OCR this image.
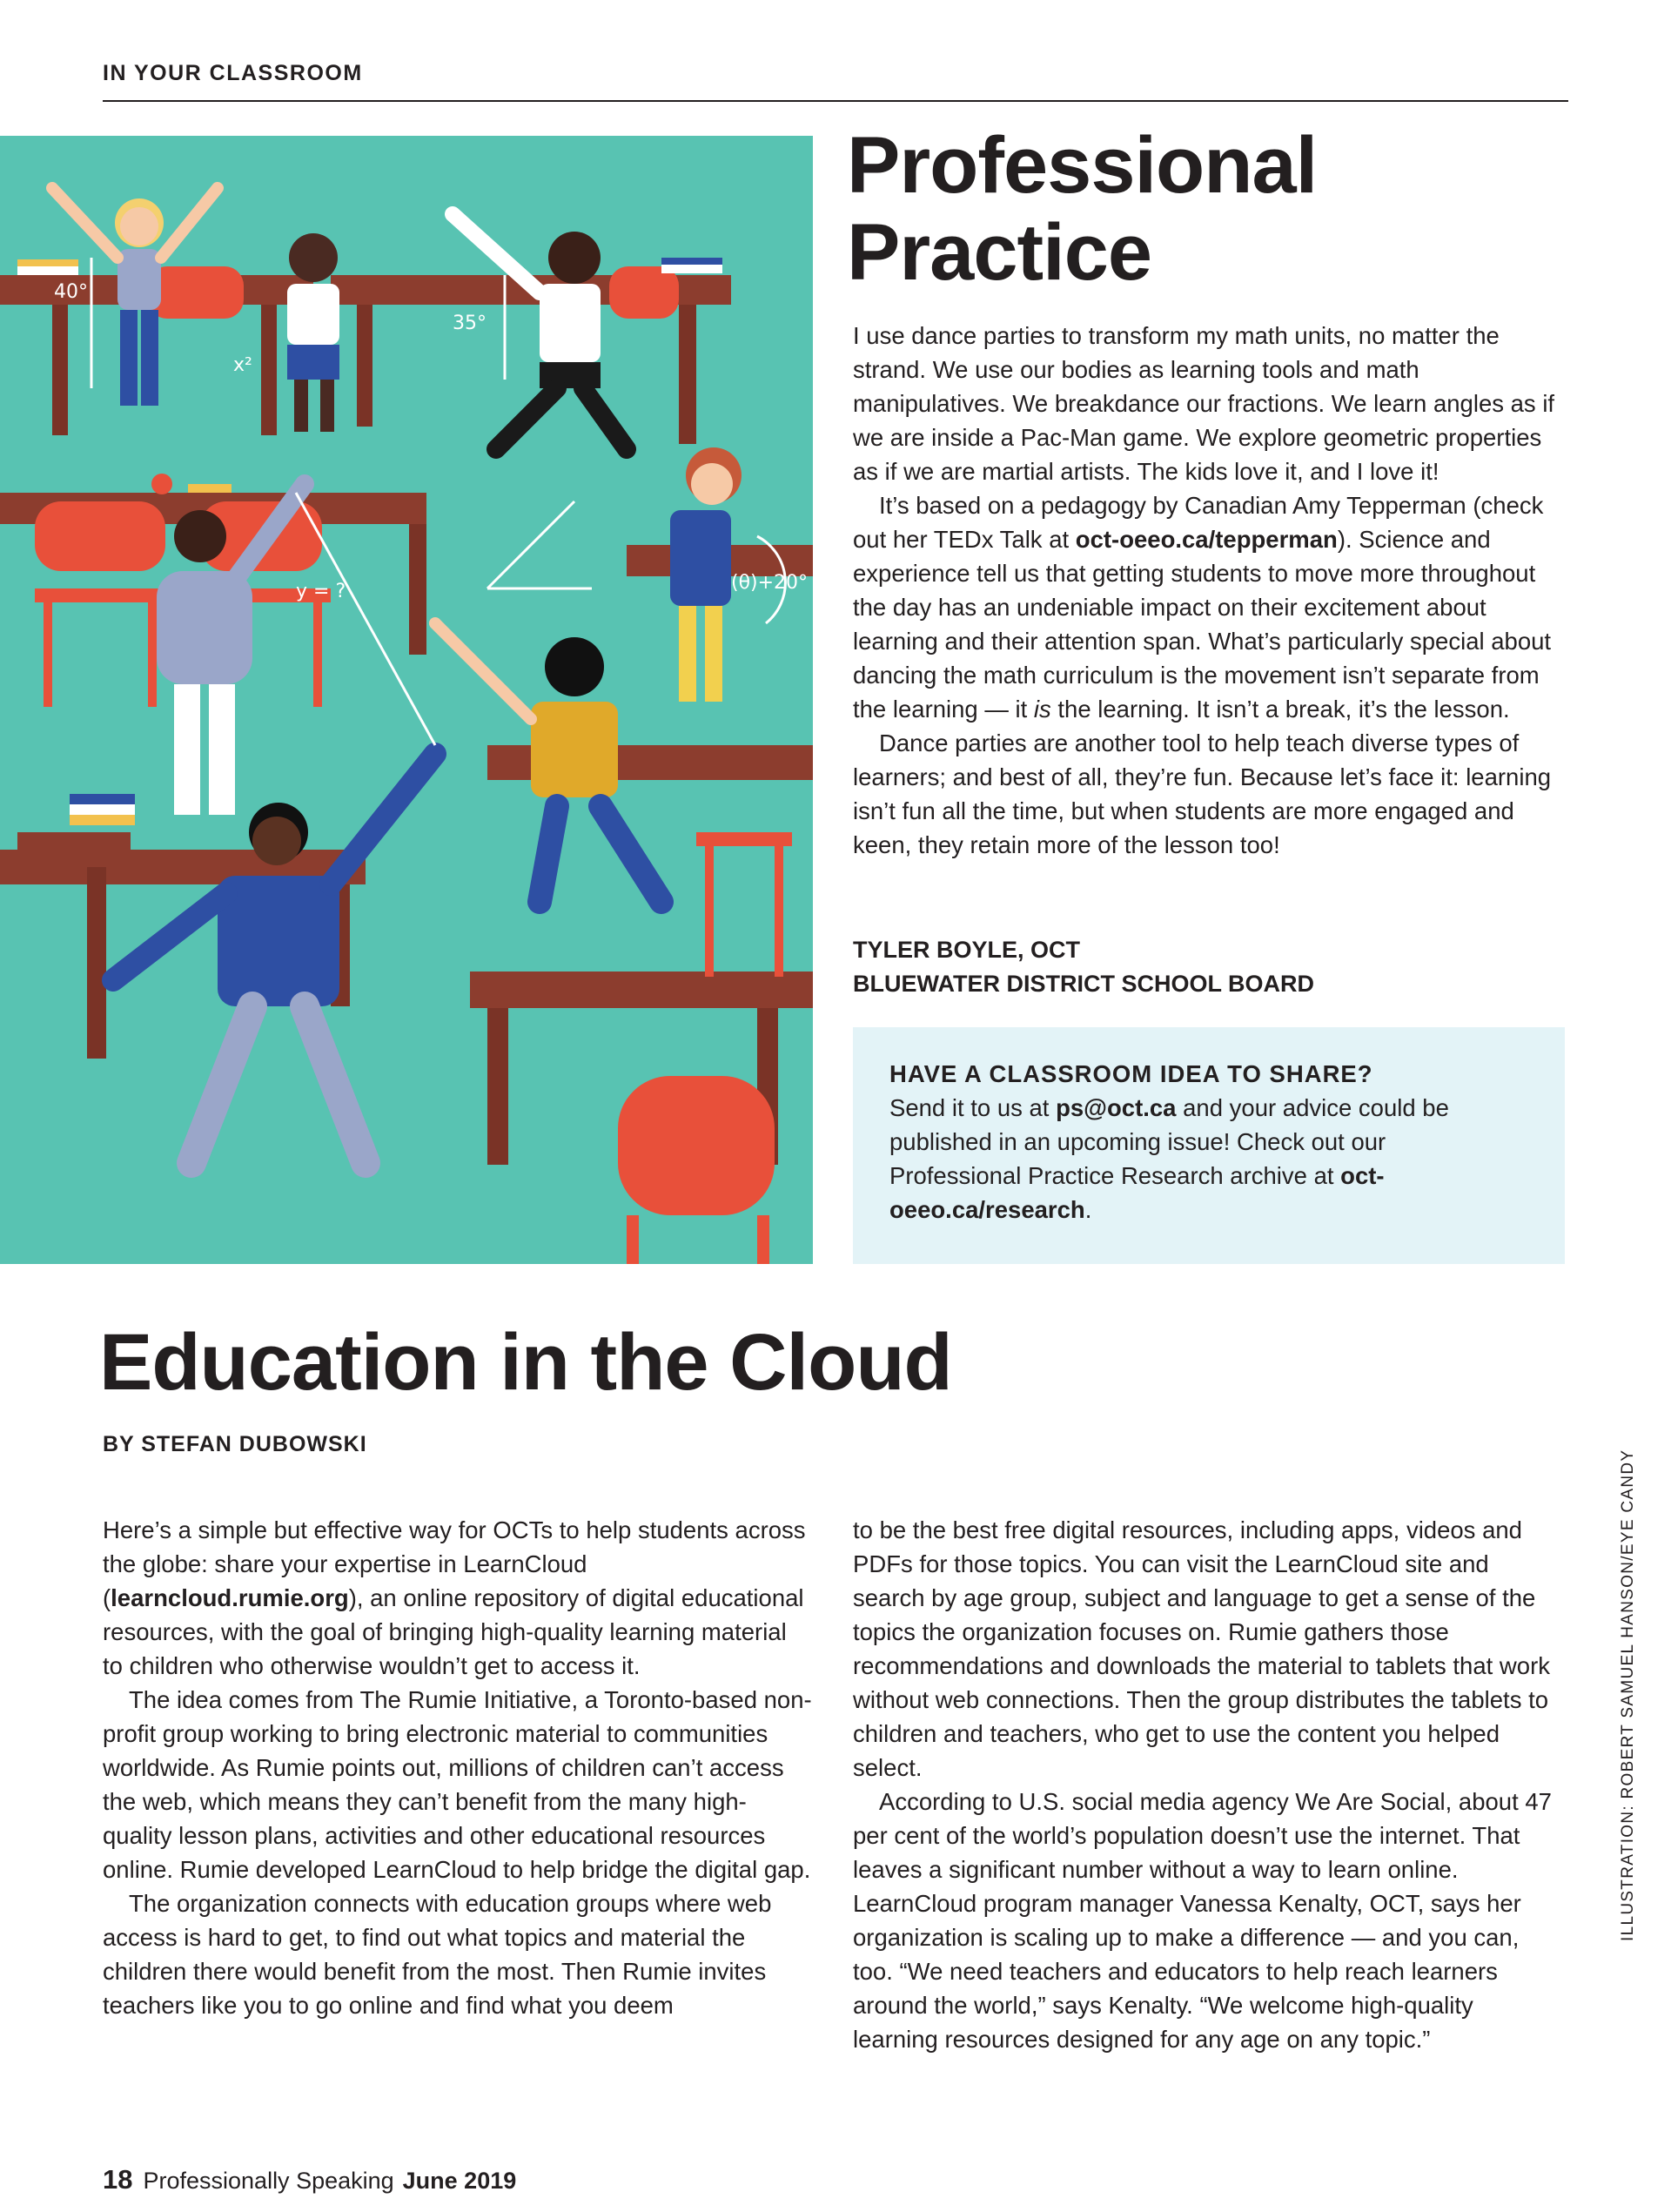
IN YOUR CLASSROOM
40°
35°
x²
y = ?	(θ)+20°
Professional
Practice

I use dance parties to transform my math units, no matter the strand. We use our bodies as learning tools and math manipulatives. We breakdance our fractions. We learn angles as if we are inside a Pac-Man game. We explore geometric properties as if we are martial artists. The kids love it, and I love it!

It’s based on a pedagogy by Canadian Amy Tepperman (check out her TEDx Talk at oct-oeeo.ca/tepperman). Science and experience tell us that getting students to move more throughout the day has an undeniable impact on their excitement about learning and their attention span. What’s particularly special about dancing the math curriculum is the movement isn’t separate from the learning — it is the learning. It isn’t a break, it’s the lesson.

Dance parties are another tool to help teach diverse types of learners; and best of all, they’re fun. Because let’s face it: learning isn’t fun all the time, but when students are more engaged and keen, they retain more of the lesson too!

TYLER BOYLE, OCT
BLUEWATER DISTRICT SCHOOL BOARD
HAVE A CLASSROOM IDEA TO SHARE?

Send it to us at ps@oct.ca and your advice could be published in an upcoming issue! Check out our Professional Practice Research archive at oct-oeeo.ca/research.

Education in the Cloud
BY STEFAN DUBOWSKI

Here’s a simple but effective way for OCTs to help students across the globe: share your expertise in LearnCloud (learncloud.rumie.org), an online repository of digital educational resources, with the goal of bringing high-quality learning material to children who otherwise wouldn’t get to access it.

The idea comes from The Rumie Initiative, a Toronto-based non-profit group working to bring electronic material to communities worldwide. As Rumie points out, millions of children can’t access the web, which means they can’t benefit from the many high-quality lesson plans, activities and other educational resources online. Rumie developed LearnCloud to help bridge the digital gap.

The organization connects with education groups where web access is hard to get, to find out what topics and material the children there would benefit from the most. Then Rumie invites teachers like you to go online and find what you deem

to be the best free digital resources, including apps, videos and PDFs for those topics. You can visit the LearnCloud site and search by age group, subject and language to get a sense of the topics the organization focuses on. Rumie gathers those recommendations and downloads the material to tablets that work without web connections. Then the group distributes the tablets to children and teachers, who get to use the content you helped select.

According to U.S. social media agency We Are Social, about 47 per cent of the world’s population doesn’t use the internet. That leaves a significant number without a way to learn online. LearnCloud program manager Vanessa Kenalty, OCT, says her organization is scaling up to make a difference — and you can, too. “We need teachers and educators to help reach learners around the world,” says Kenalty. “We welcome high-quality learning resources designed for any age on any topic.”

ILLUSTRATION: ROBERT SAMUEL HANSON/EYE CANDY
18 Professionally Speaking June 2019
